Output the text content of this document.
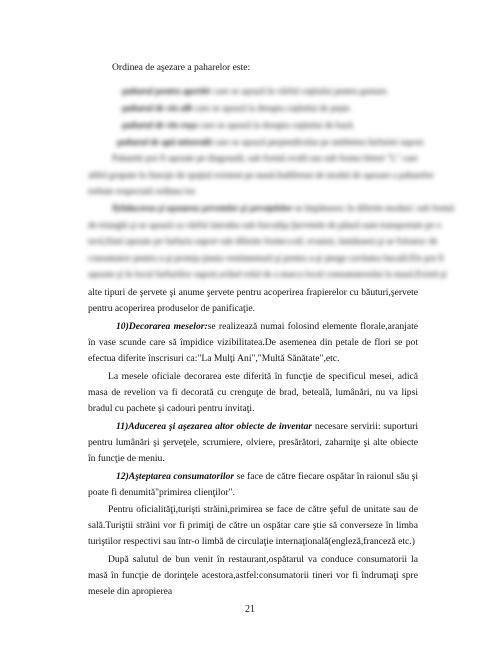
Ordinea de aşezare a paharelor este:
-paharul pentru aperitiv care se aşează în vârful cuţitului pentru gustare.
-paharul de vin alb care se aşează la dreapta cuţitului de peşte.
-paharul de vin roşu care se aşează la dreapta cuţitului de bază.
-paharul de apă minerală care se aşează perpendicular pe emblema farfuriei suport.
Paharele pot fi aşezate pe diagonală, sub formă ovală sau sub forma literei "L" care
altfel grupate în funcţie de spaţiul existent pe masă.Indiferent de modul de aşezare a paharelor
trebuie respectată ordinea lor.
9)Aducerea şi aşezarea şervetelor şi şerveţelelor se împăturesc în diferite moduri: sub formă
de triunghi şi se aşează cu vârful introdus sub furculiţa.Şervetele de pânză sunt transportate pe o
tavă,fiind aşezate pe farfuria suport sub diferite forme:coif, evantai, lumânare) şi se folosesc de
consumator pentru a-şi proteja ţinuta vestimentară şi pentru a-şi şterge cavitatea bucală.Ele pot fi
aşezate şi în locul farfuriilor suport,având rolul de a marca locul consumatorului la masă.Există şi
alte tipuri de şervete şi anume şervete pentru acoperirea frapierelor cu băuturi,şervete pentru acoperirea produselor de panificaţie.
10)Decorarea meselor:se realizează numai folosind elemente florale,aranjate în vase scunde care să împidice vizibilitatea.De asemenea din petale de flori se pot efectua diferite înscrisuri ca:"La Mulţi Ani","Multă Sănătate",etc.
La mesele oficiale decorarea este diferită în funcţie de specificul mesei, adică masa de revelion va fi decorată cu crenguţe de brad, beteală, lumânări, nu va lipsi bradul cu pachete şi cadouri pentru invitaţi.
11)Aducerea şi aşezarea altor obiecte de inventar necesare servirii: suporturi pentru lumânări şi şerveţele, scrumiere, olviere, presărători, zaharniţe şi alte obiecte în funcţie de meniu.
12)Aşteptarea consumatorilor se face de către fiecare ospătar în raionul său şi poate fi denumită"primirea clienţilor".
Pentru oficialităţi,turişti străini,primirea se face de către şeful de unitate sau de sală.Turiştii străini vor fi primiţi de către un ospătar care ştie să converseze în limba turiştilor respectivi sau într-o limbă de circulaţie internaţională(engleză,franceză etc.)
După salutul de bun venit în restaurant,ospătarul va conduce consumatorii la masă în funcţie de dorinţele acestora,astfel:consumatorii tineri vor fi îndrumaţi spre mesele din apropierea
21
